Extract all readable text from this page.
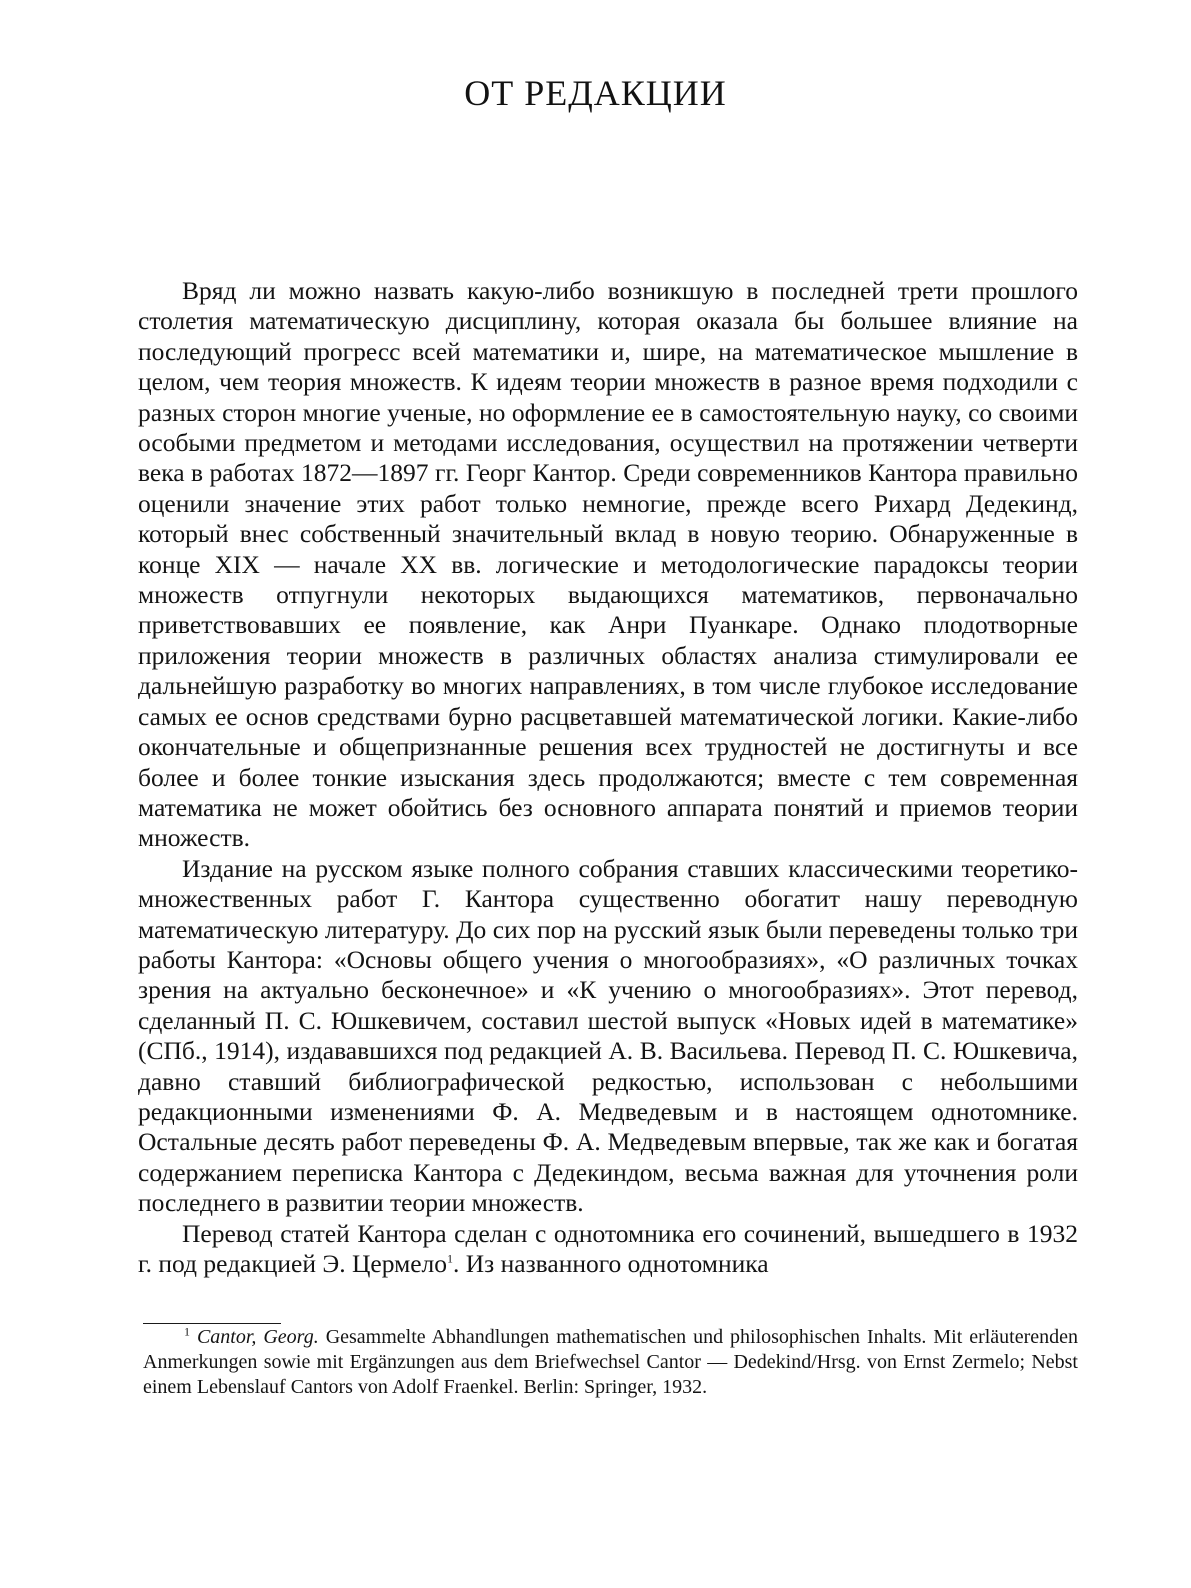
ОТ РЕДАКЦИИ

Вряд ли можно назвать какую-либо возникшую в последней трети прошлого столетия математическую дисциплину, которая оказала бы большее влияние на последующий прогресс всей математики и, шире, на математическое мышление в целом, чем теория множеств. К идеям теории множеств в разное время подходили с разных сторон многие ученые, но оформление ее в самостоятельную науку, со своими особыми предметом и методами исследования, осуществил на протяжении четверти века в работах 1872—1897 гг. Георг Кантор. Среди современников Кантора правильно оценили значение этих работ только немногие, прежде всего Рихард Дедекинд, который внес собственный значительный вклад в новую теорию. Обнаруженные в конце XIX — начале XX вв. логические и методологические парадоксы теории множеств отпугнули некоторых выдающихся математиков, первоначально приветствовавших ее появление, как Анри Пуанкаре. Однако плодотворные приложения теории множеств в различных областях анализа стимулировали ее дальнейшую разработку во многих направлениях, в том числе глубокое исследование самых ее основ средствами бурно расцветавшей математической логики. Какие-либо окончательные и общепризнанные решения всех трудностей не достигнуты и все более и более тонкие изыскания здесь продолжаются; вместе с тем современная математика не может обойтись без основного аппарата понятий и приемов теории множеств.

Издание на русском языке полного собрания ставших классическими теоретико-множественных работ Г. Кантора существенно обогатит нашу переводную математическую литературу. До сих пор на русский язык были переведены только три работы Кантора: «Основы общего учения о многообразиях», «О различных точках зрения на актуально бесконечное» и «К учению о многообразиях». Этот перевод, сделанный П. С. Юшкевичем, составил шестой выпуск «Новых идей в математике» (СПб., 1914), издававшихся под редакцией А. В. Васильева. Перевод П. С. Юшкевича, давно ставший библиографической редкостью, использован с небольшими редакционными изменениями Ф. А. Медведевым и в настоящем однотомнике. Остальные десять работ переведены Ф. А. Медведевым впервые, так же как и богатая содержанием переписка Кантора с Дедекиндом, весьма важная для уточнения роли последнего в развитии теории множеств.

Перевод статей Кантора сделан с однотомника его сочинений, вышедшего в 1932 г. под редакцией Э. Цермело$^1$. Из названного однотомника

$^1$ Cantor, Georg. Gesammelte Abhandlungen mathematischen und philosophischen Inhalts. Mit erläuterenden Anmerkungen sowie mit Ergänzungen aus dem Briefwechsel Cantor — Dedekind/Hrsg. von Ernst Zermelo; Nebst einem Lebenslauf Cantors von Adolf Fraenkel. Berlin: Springer, 1932.
